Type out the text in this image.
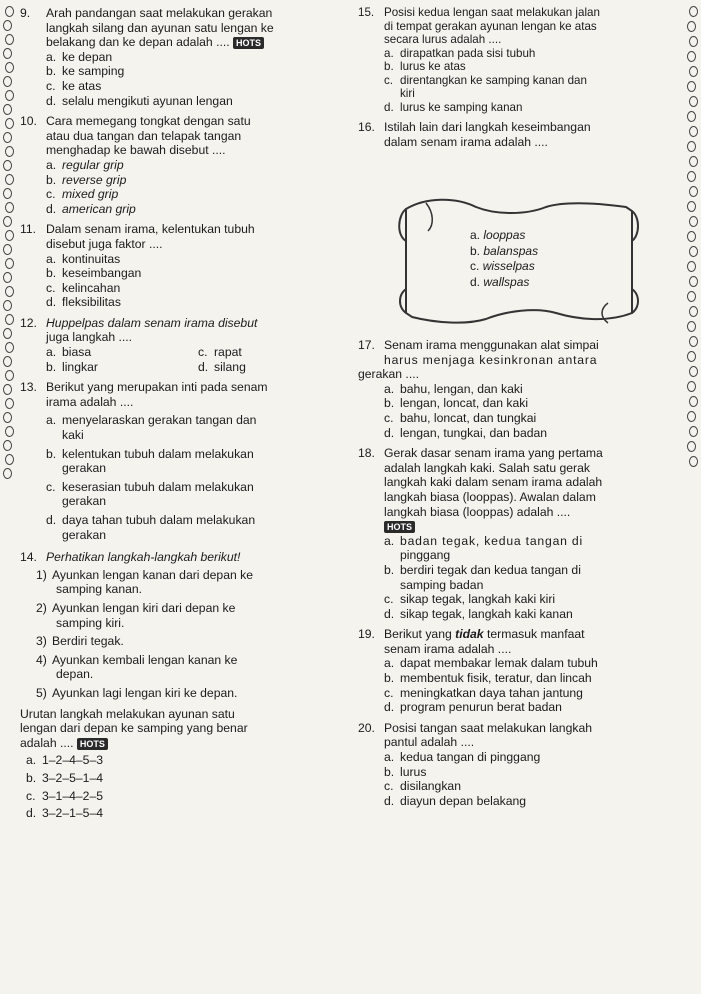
9.	Arah pandangan saat melakukan gerakan
langkah silang dan ayunan satu lengan ke
belakang dan ke depan adalah .... HOTS
a. ke depan
b. ke samping
c. ke atas
d. selalu mengikuti ayunan lengan
10. Cara memegang tongkat dengan satu
atau dua tangan dan telapak tangan
menghadap ke bawah disebut ....
a. regular grip
b. reverse grip
c. mixed grip
d. american grip
11. Dalam senam irama, kelentukan tubuh
disebut juga faktor ....
a. kontinuitas
b. keseimbangan
c. kelincahan
d. fleksibilitas
12. Huppelpas dalam senam irama disebut
juga langkah ....
a. biasa	c. rapat
b. lingkar	d. silang
13. Berikut yang merupakan inti pada senam
irama adalah ....
a. menyelaraskan gerakan tangan dan
kaki
b. kelentukan tubuh dalam melakukan
gerakan
c. keserasian tubuh dalam melakukan
gerakan
d. daya tahan tubuh dalam melakukan
gerakan
14. Perhatikan langkah-langkah berikut!
1) Ayunkan lengan kanan dari depan ke
samping kanan.
2) Ayunkan lengan kiri dari depan ke
samping kiri.
3) Berdiri tegak.
4) Ayunkan kembali lengan kanan ke
depan.
5) Ayunkan lagi lengan kiri ke depan.
Urutan langkah melakukan ayunan satu
lengan dari depan ke samping yang benar
adalah .... HOTS
a. 1–2–4–5–3
b. 3–2–5–1–4
c. 3–1–4–2–5
d. 3–2–1–5–4
15. Posisi kedua lengan saat melakukan jalan
di tempat gerakan ayunan lengan ke atas
secara lurus adalah ....
a. dirapatkan pada sisi tubuh
b. lurus ke atas
c. direntangkan ke samping kanan dan
kiri
d. lurus ke samping kanan
16. Istilah lain dari langkah keseimbangan
dalam senam irama adalah ....
17. Senam irama menggunakan alat simpai
harus menjaga kesinkronan antara
gerakan ....
a. bahu, lengan, dan kaki
b. lengan, loncat, dan kaki
c. bahu, loncat, dan tungkai
d. lengan, tungkai, dan badan
18. Gerak dasar senam irama yang pertama
adalah langkah kaki. Salah satu gerak
langkah kaki dalam senam irama adalah
langkah biasa (looppas). Awalan dalam
langkah biasa (looppas) adalah ....
HOTS
a. badan tegak, kedua tangan di
pinggang
b. berdiri tegak dan kedua tangan di
samping badan
c. sikap tegak, langkah kaki kiri
d. sikap tegak, langkah kaki kanan
19. Berikut yang tidak termasuk manfaat
senam irama adalah ....
a. dapat membakar lemak dalam tubuh
b. membentuk fisik, teratur, dan lincah
c. meningkatkan daya tahan jantung
d. program penurun berat badan
20. Posisi tangan saat melakukan langkah
pantul adalah ....
a. kedua tangan di pinggang
b. lurus
c. disilangkan
d. diayun depan belakang
a. looppas
b. balanspas
c. wisselpas
d. wallspas
